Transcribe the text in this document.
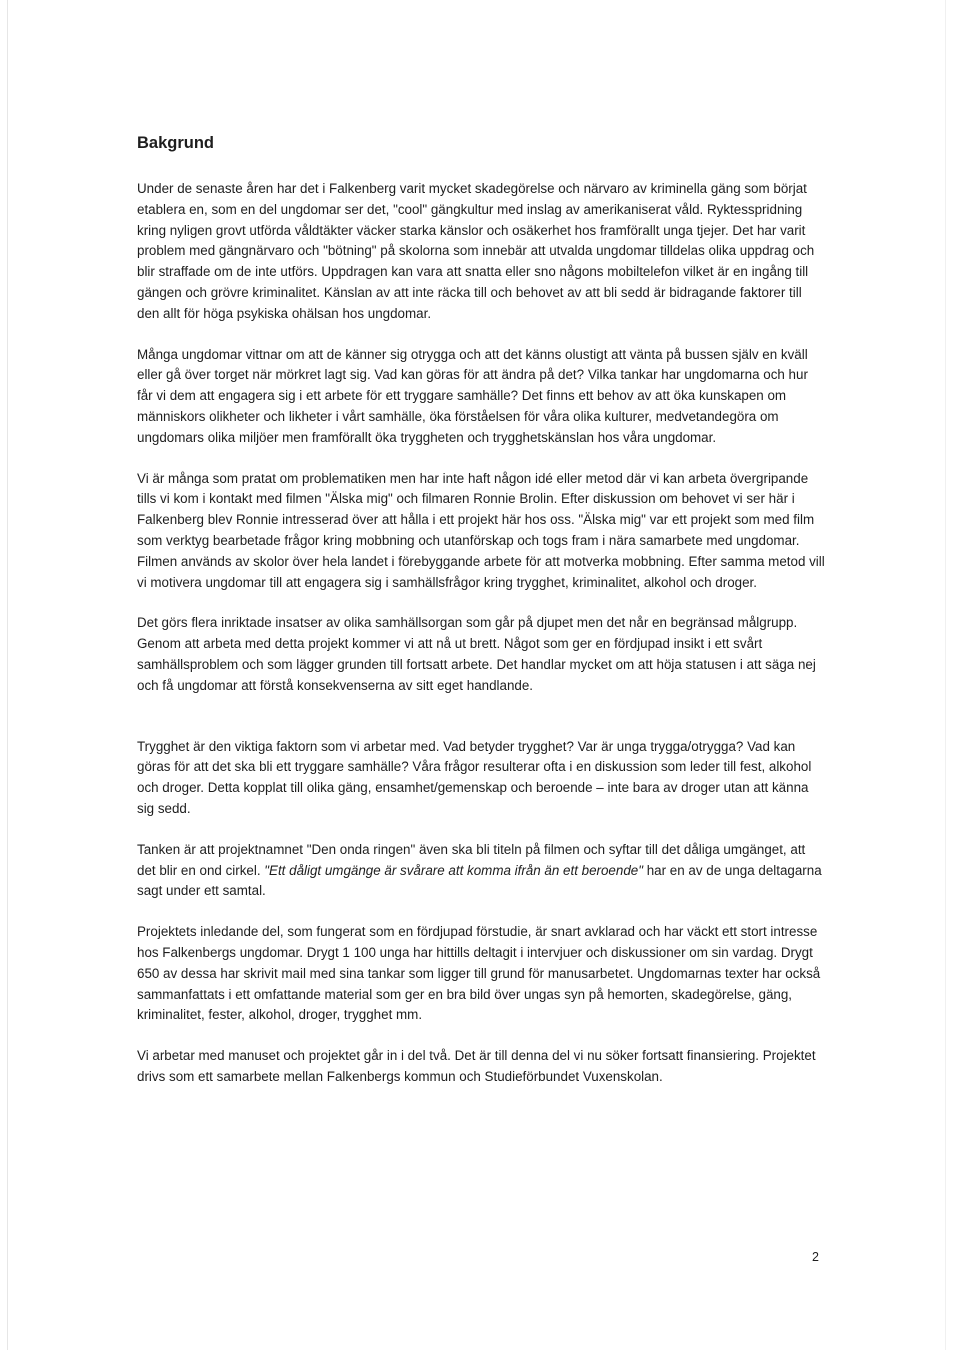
Bakgrund

Under de senaste åren har det i Falkenberg varit mycket skadegörelse och närvaro av kriminella gäng som börjat etablera en, som en del ungdomar ser det, "cool" gängkultur med inslag av amerikaniserat våld. Ryktesspridning kring nyligen grovt utförda våldtäkter väcker starka känslor och osäkerhet hos framförallt unga tjejer. Det har varit problem med gängnärvaro och "bötning" på skolorna som innebär att utvalda ungdomar tilldelas olika uppdrag och blir straffade om de inte utförs. Uppdragen kan vara att snatta eller sno någons mobiltelefon vilket är en ingång till gängen och grövre kriminalitet. Känslan av att inte räcka till och behovet av att bli sedd är bidragande faktorer till den allt för höga psykiska ohälsan hos ungdomar.

Många ungdomar vittnar om att de känner sig otrygga och att det känns olustigt att vänta på bussen själv en kväll eller gå över torget när mörkret lagt sig. Vad kan göras för att ändra på det? Vilka tankar har ungdomarna och hur får vi dem att engagera sig i ett arbete för ett tryggare samhälle? Det finns ett behov av att öka kunskapen om människors olikheter och likheter i vårt samhälle, öka förståelsen för våra olika kulturer, medvetandegöra om ungdomars olika miljöer men framförallt öka tryggheten och trygghetskänslan hos våra ungdomar.

Vi är många som pratat om problematiken men har inte haft någon idé eller metod där vi kan arbeta övergripande tills vi kom i kontakt med filmen "Älska mig" och filmaren Ronnie Brolin. Efter diskussion om behovet vi ser här i Falkenberg blev Ronnie intresserad över att hålla i ett projekt här hos oss. "Älska mig" var ett projekt som med film som verktyg bearbetade frågor kring mobbning och utanförskap och togs fram i nära samarbete med ungdomar. Filmen används av skolor över hela landet i förebyggande arbete för att motverka mobbning. Efter samma metod vill vi motivera ungdomar till att engagera sig i samhällsfrågor kring trygghet, kriminalitet, alkohol och droger.

Det görs flera inriktade insatser av olika samhällsorgan som går på djupet men det når en begränsad målgrupp. Genom att arbeta med detta projekt kommer vi att nå ut brett. Något som ger en fördjupad insikt i ett svårt samhällsproblem och som lägger grunden till fortsatt arbete. Det handlar mycket om att höja statusen i att säga nej och få ungdomar att förstå konsekvenserna av sitt eget handlande.

Trygghet är den viktiga faktorn som vi arbetar med. Vad betyder trygghet? Var är unga trygga/otrygga? Vad kan göras för att det ska bli ett tryggare samhälle? Våra frågor resulterar ofta i en diskussion som leder till fest, alkohol och droger. Detta kopplat till olika gäng, ensamhet/gemenskap och beroende – inte bara av droger utan att känna sig sedd.

Tanken är att projektnamnet "Den onda ringen" även ska bli titeln på filmen och syftar till det dåliga umgänget, att det blir en ond cirkel. "Ett dåligt umgänge är svårare att komma ifrån än ett beroende" har en av de unga deltagarna sagt under ett samtal.

Projektets inledande del, som fungerat som en fördjupad förstudie, är snart avklarad och har väckt ett stort intresse hos Falkenbergs ungdomar. Drygt 1 100 unga har hittills deltagit i intervjuer och diskussioner om sin vardag. Drygt 650 av dessa har skrivit mail med sina tankar som ligger till grund för manusarbetet. Ungdomarnas texter har också sammanfattats i ett omfattande material som ger en bra bild över ungas syn på hemorten, skadegörelse, gäng, kriminalitet, fester, alkohol, droger, trygghet mm.

Vi arbetar med manuset och projektet går in i del två. Det är till denna del vi nu söker fortsatt finansiering. Projektet drivs som ett samarbete mellan Falkenbergs kommun och Studieförbundet Vuxenskolan.

2
